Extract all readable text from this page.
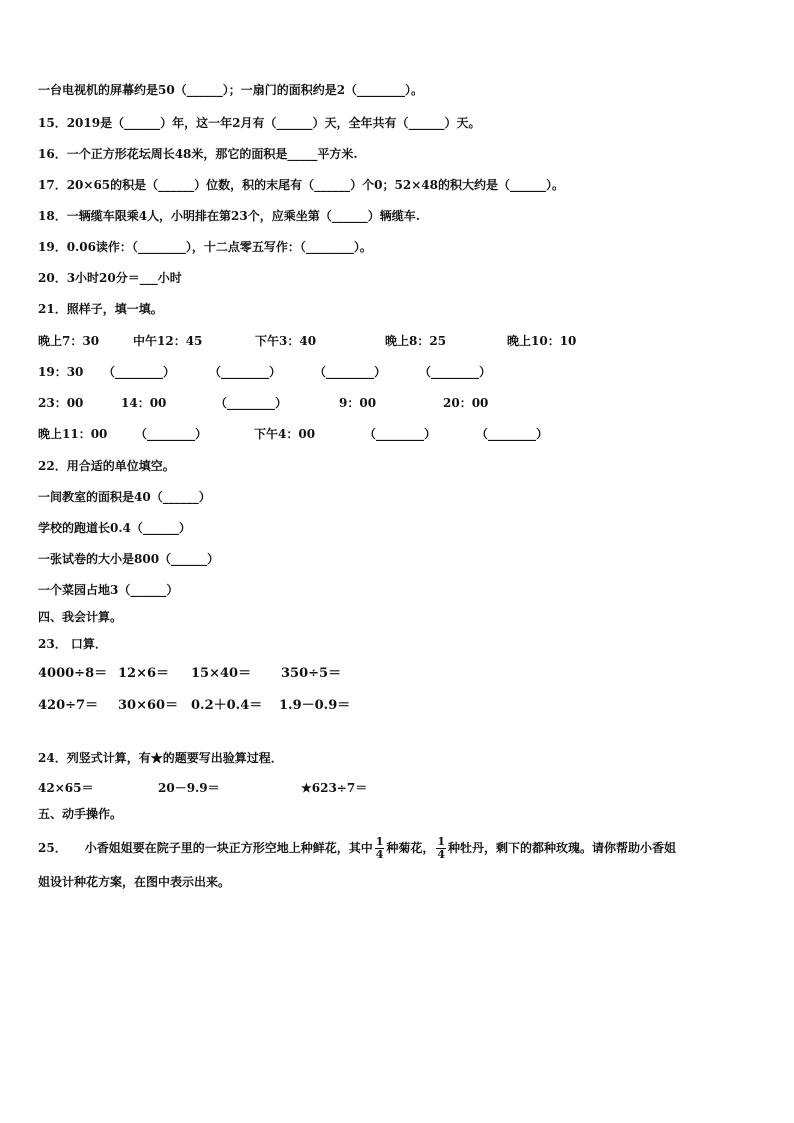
一台电视机的屏幕约是50（______）；一扇门的面积约是2（________）。
15．2019是（______）年，这一年2月有（______）天，全年共有（______）天。
16．一个正方形花坛周长48米，那它的面积是_____平方米.
17．20×65的积是（______）位数，积的末尾有（______）个0；52×48的积大约是（______）。
18．一辆缆车限乘4人，小明排在第23个，应乘坐第（______）辆缆车.
19．0.06读作：（________），十二点零五写作：（________）。
20．3小时20分＝___小时
21．照样子，填一填。
晚上7：30	中午12：45	下午3：40	晚上8：25	晚上10：10
19：30 （________）	（________）	（________）	（________）
23：00	14：00	（________）	9：00	20：00
晚上11：00 （________）	下午4：00	（________）	（________）
22．用合适的单位填空。
一间教室的面积是40（______）
学校的跑道长0.4（______）
一张试卷的大小是800（______）
一个菜园占地3（______）
四、我会计算。
23． 口算．
4000÷8＝ 12×6＝ 15×40＝ 350÷5＝
420÷7＝ 30×60＝ 0.2＋0.4＝ 1.9－0.9＝
24．列竖式计算，有★的题要写出验算过程．
42×65＝	20－9.9＝	★623÷7＝
五、动手操作。
25．　　小香姐姐要在院子里的一块正方形空地上种鲜花，其中 $\frac{1}{4}$ 种菊花， $\frac{1}{4}$ 种牡丹，剩下的都种玫瑰。请你帮助小香姐
姐设计种花方案，在图中表示出来。
